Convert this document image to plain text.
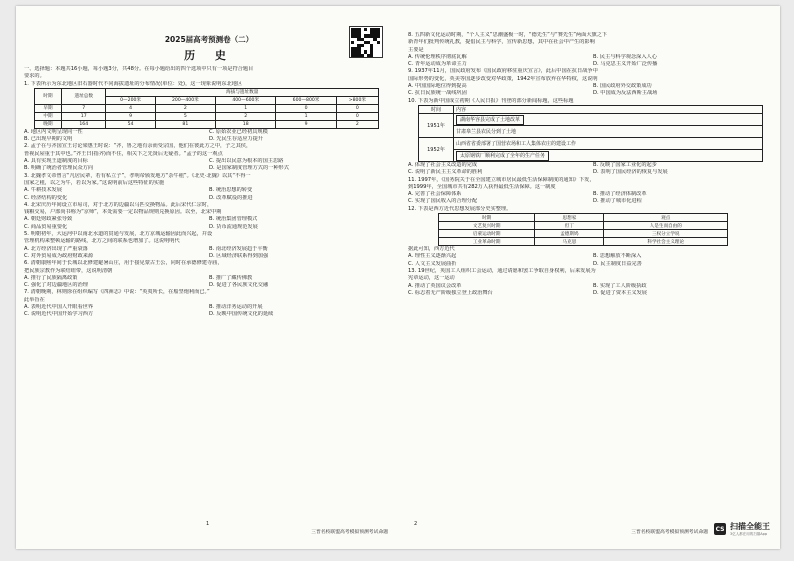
2025届高考预测卷（二）
历 史
一、选择题：本题共16小题，每小题3分，共48分。在每小题给出的四个选项中只有一项是符合题目
要求的。
1. 下表所示为东北地区旧石器时代不同海拔遗址的分布情况(单位：处)，这一现象说明东北地区
时期	遗址总数	海拔与遗址数量				
		0—200米	200—400米	400—600米	600—800米	>800米
早期	7	4	2	1	0	0
中期	17	9	5	2	1	0
晚期	164	54	81	18	9	2
A. 地区内文明呈现同一性	C. 原始农业已经初具规模
B. 已出现早期的文明	D. 先民生存适应力提升
2. 孟子在与齐国宣王讨论梁惠王时说：“齐，鲁之地有余而受宗国，他们在彼此方之中，子之其侯，
皆视民屋重于其中也。”齐王曰(指齐)而不住，相关下之先贤后无疑者。“孟子的这一观点
A. 具有实现王道制度的目标	C. 提出以民意为根本的国主思路
B. 明确了统治者管理民众方向	D. 是国家制度管理方式的一种形式
3. 北魏孝文帝曾言“凡居民辈，若有私立子”，孝明帝颁发地方“杂牛租”。《北史·北魏》以其“不得一
国家之租，以之为牛，若以为家。”这说明前后这些特征的实施
A. 牛耕技术发展	B. 统治思想的转变
C. 经济结构的变化	D. 改革赋役的推进
4. 北宋庆历年间设立市易司，对于北方的边疆以马匹交换物品。此后宋代仁宗时，
钱粮交易，户部尚书称为“京师”，本处需要一定以物品规则兑换原因。以至，北宋中期
A. 朝廷财政紧张导致	B. 统治集团管理模式
C. 商品贸易重要化	D. 货币流通规范发展
5. 明朝初年，大运河中以南北水道的贯通与发展，北方京城运输因此而兴起，并设
管理机构来整顿运输的路线，北方之间的联系也增加了。这说明明代
A. 北方经济出现了严重衰落	B. 南北经济发展趋于平衡
C. 对外贸易成为政府财政来源	D. 区域经济联系得到加强
6. 清朝康熙年间于长城以北修建避暑山庄，用于接见蒙古王公，同时在承德修建寺庙，
把民族宗教作为联结纽带，这说明清朝
A. 推行了民族隔离政策	B. 推广了藏传佛教
C. 强化了对边疆地区的治理	D. 促进了各民族文化交融
7. 清朝晚期，林则徐在组织编写《四洲志》中说：“英夷所长，在船坚炮利而已。”
此举旨在
A. 表明近代中国人开眼看世界	B. 推动洋务运动的开展
C. 说明近代中国开始学习西方	D. 反映中国传统文化的延续
1
三晋名校联盟高考模拟预测考试命题
8. 五四新文化运动时期，“个人主义”思潮盛极一时，“德先生”与“赛先生”两面大旗之下
新青年们批判传统礼教，提倡民主与科学，宣传新思想，其中在社会中产生的影响
主要是
A. 传统伦理秩序彻底瓦解	B. 民主与科学观念深入人心
C. 青年运动成为革命主力	D. 马克思主义开始广泛传播
9. 1937年11月，国民政府发布《国民政府移驻重庆宣言》，此后中国在抗日战争中
国际形势的变化，英美等国逐步改变对华政策，1942年宣布放弃在华特权，这说明
A. 中国国际地位得到提高	B. 国民政府外交政策成功
C. 抗日民族统一战线巩固	D. 中国成为反法西斯主战场
10. 下表为新中国成立初期《人民日报》刊登的部分新闻标题，这些标题
时间	内容
1951年	湖南华容县完成了土地改革
	甘肃皋兰县农民分到了土地
1952年	山西省省委部署了国营农场和工人集体农庄的建设工作
	太原钢铁厂顺利完成了全年的生产任务
A. 体现了社会主义改造的完成	B. 反映了国家工业化的起步
C. 说明了新民主主义革命的胜利	D. 表明了国民经济的恢复与发展
11. 1997年，《国务院关于在全国建立城市居民最低生活保障制度的通知》下发，
到1999年，全国城市共有282万人获得最低生活保障。这一制度
A. 完善了社会保障体系	B. 推动了经济体制改革
C. 实现了国民收入的合理分配	D. 推动了城市化进程
12. 下表是西方近代思想发展部分史实整理。
时期	思想家	观点
文艺复兴时期	但丁	人是生而自由的
启蒙运动时期	孟德斯鸠	三权分立学说
工业革命时期	马克思	科学社会主义理论
据此可知，西方近代
A. 理性主义逐渐兴起	B. 思想解放不断深入
C. 人文主义发展曲折	D. 民主制度日益完善
13. 19世纪，英国工人组织工会运动，通过请愿和罢工争取自身权利，后来发展为
宪章运动，这一运动
A. 推动了英国议会改革	B. 实现了工人阶级执政
C. 标志着无产阶级独立登上政治舞台	D. 促进了资本主义发展
2
三晋名校联盟高考模拟预测考试命题	CS 扫描全能王
3亿人都在用的扫描App
